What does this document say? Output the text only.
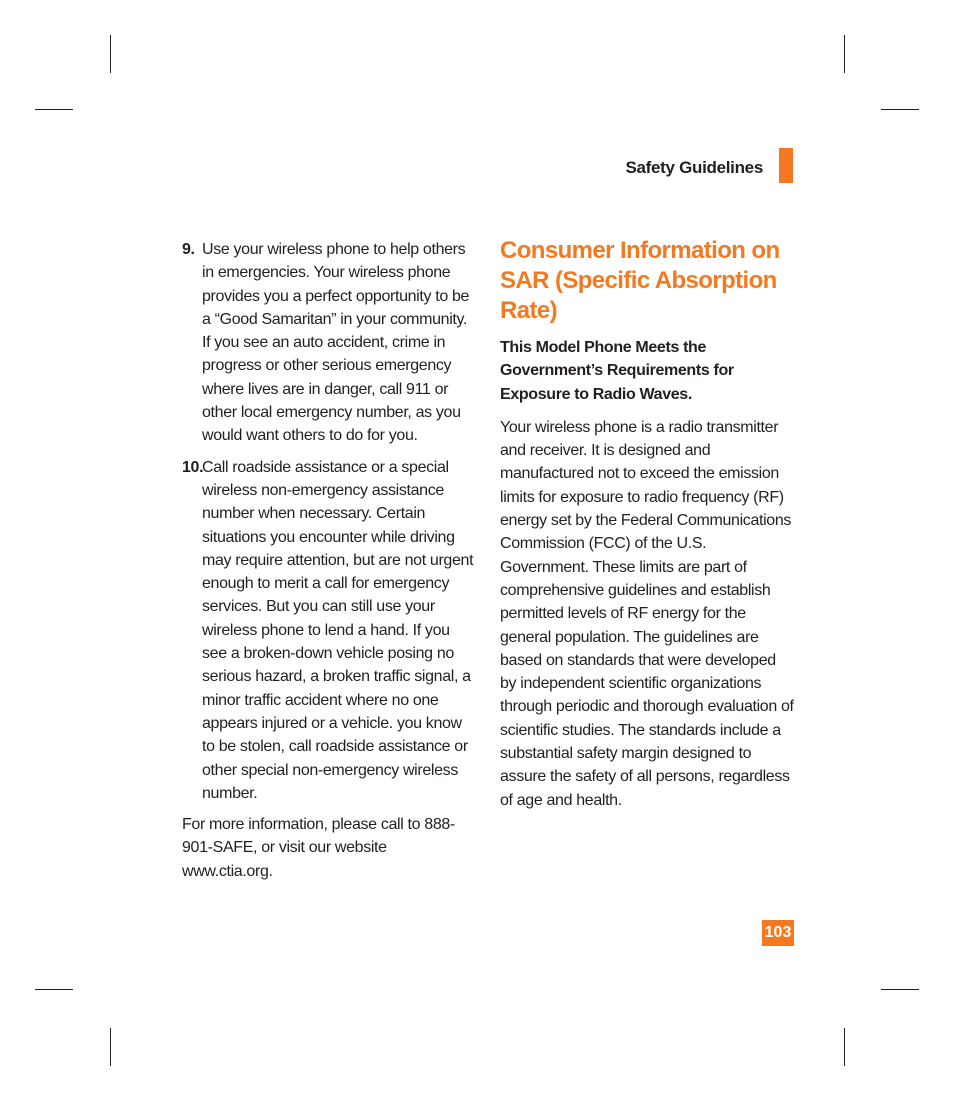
Safety Guidelines
9. Use your wireless phone to help others in emergencies. Your wireless phone provides you a perfect opportunity to be a “Good Samaritan” in your community. If you see an auto accident, crime in progress or other serious emergency where lives are in danger, call 911 or other local emergency number, as you would want others to do for you.
10.
Call roadside assistance or a special wireless non-emergency assistance number when necessary. Certain situations you encounter while driving may require attention, but are not urgent enough to merit a call for emergency services. But you can still use your wireless phone to lend a hand. If you see a broken-down vehicle posing no serious hazard, a broken traffic signal, a minor traffic accident where no one appears injured or a vehicle. you know to be stolen, call roadside assistance or other special non-emergency wireless number.

For more information, please call to 888-901-SAFE, or visit our website www.ctia.org.

Consumer Information on SAR (Specific Absorption Rate)

This Model Phone Meets the Government’s Requirements for Exposure to Radio Waves.

Your wireless phone is a radio transmitter and receiver. It is designed and manufactured not to exceed the emission limits for exposure to radio frequency (RF) energy set by the Federal Communications Commission (FCC) of the U.S. Government. These limits are part of comprehensive guidelines and establish permitted levels of RF energy for the general population. The guidelines are based on standards that were developed by independent scientific organizations through periodic and thorough evaluation of scientific studies. The standards include a substantial safety margin designed to assure the safety of all persons, regardless of age and health.

103
